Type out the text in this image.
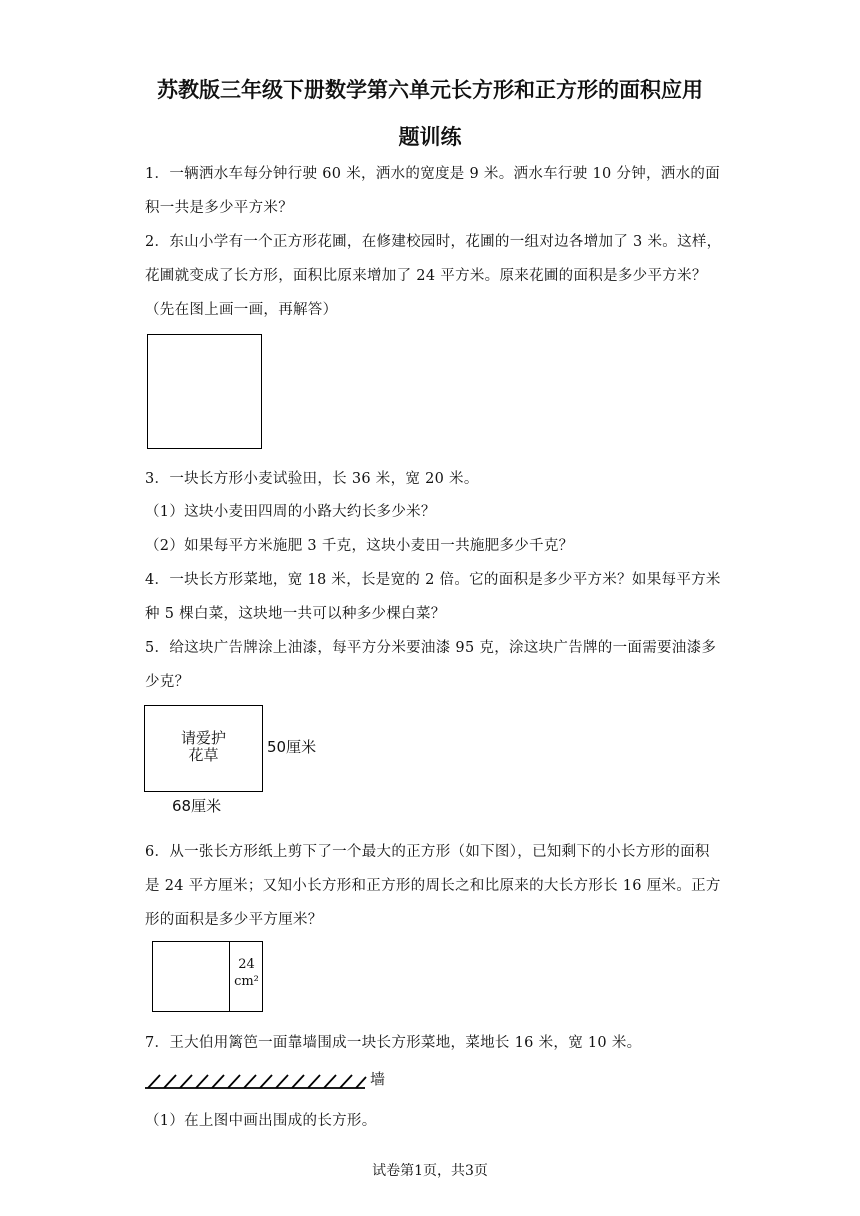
苏教版三年级下册数学第六单元长方形和正方形的面积应用
题训练
1．一辆洒水车每分钟行驶 60 米，洒水的宽度是 9 米。洒水车行驶 10 分钟，洒水的面
积一共是多少平方米？
2．东山小学有一个正方形花圃，在修建校园时，花圃的一组对边各增加了 3 米。这样，
花圃就变成了长方形，面积比原来增加了 24 平方米。原来花圃的面积是多少平方米？
（先在图上画一画，再解答）
3．一块长方形小麦试验田，长 36 米，宽 20 米。
（1）这块小麦田四周的小路大约长多少米？
（2）如果每平方米施肥 3 千克，这块小麦田一共施肥多少千克？
4．一块长方形菜地，宽 18 米，长是宽的 2 倍。它的面积是多少平方米？如果每平方米
种 5 棵白菜，这块地一共可以种多少棵白菜？
5．给这块广告牌涂上油漆，每平方分米要油漆 95 克，涂这块广告牌的一面需要油漆多
少克？
请爱护
花草	50厘米
68厘米
6．从一张长方形纸上剪下了一个最大的正方形（如下图），已知剩下的小长方形的面积
是 24 平方厘米；又知小长方形和正方形的周长之和比原来的大长方形长 16 厘米。正方
形的面积是多少平方厘米？
24
cm²
7．王大伯用篱笆一面靠墙围成一块长方形菜地，菜地长 16 米，宽 10 米。
墙
（1）在上图中画出围成的长方形。
试卷第1页，共3页
